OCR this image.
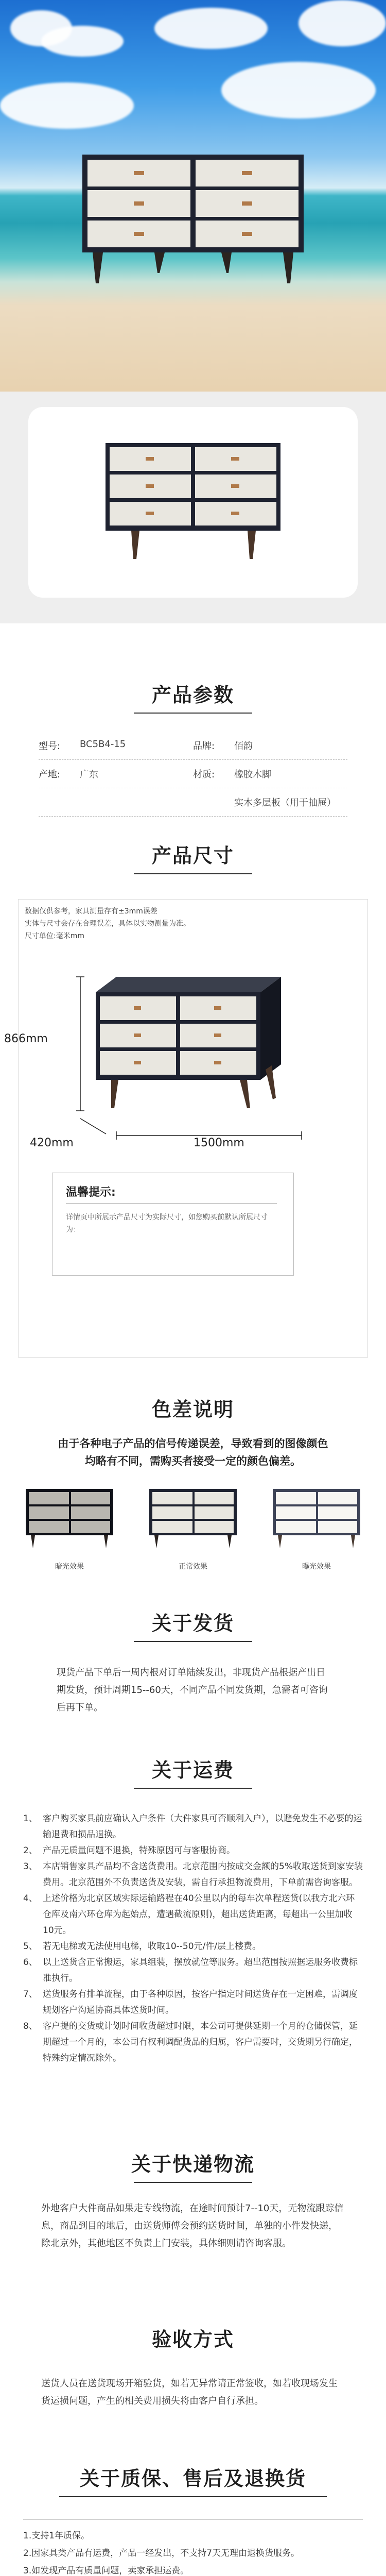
产品参数
型号:	BC5B4-15	品牌:	佰韵
产地:	广东	材质:	橡胶木脚
实木多层板（用于抽屉）
产品尺寸
数据仅供参考，家具测量存有±3mm误差
实体与尺寸会存在合理误差，具体以实物测量为准。
尺寸单位:毫米mm
866mm
420mm	1500mm
温馨提示:
详情页中所展示产品尺寸为实际尺寸，如您购买前默认所展尺寸为：
色差说明
由于各种电子产品的信号传递误差，导致看到的图像颜色均略有不同，需购买者接受一定的颜色偏差。
暗光效果	正常效果	曝光效果
关于发货
现货产品下单后一周内根对订单陆续发出，非现货产品根据产出日期发货，预计周期15--60天，不同产品不同发货期，急需者可咨询后再下单。
关于运费
1、 客户购买家具前应确认入户条件（大件家具可否顺利入户），以避免发生不必要的运输退费和损品退换。
2、 产品无质量问题不退换，特殊原因可与客服协商。
3、 本店销售家具产品均不含送货费用。北京范围内按成交金额的5%收取送货到家安装费用。北京范围外不负责送货及安装，需自行承担物流费用，下单前需咨询客服。
4、 上述价格为北京区域实际运输路程在40公里以内的每车次单程送货(以我方北六环仓库及南六环仓库为起始点，遭遇截流原则)，超出送货距离，每超出一公里加收10元。
5、 若无电梯或无法使用电梯，收取10--50元/件/层上楼费。
6、 以上送货含正常搬运，家具组装，摆放就位等服务。超出范围按照据运服务收费标准执行。
7、 送货服务有排单流程，由于各种原因，按客户指定时间送货存在一定困难，需调度规划客户沟通协商具体送货时间。
8、 客户提的交货或计划时间收货超过时限，本公司可提供延期一个月的仓储保管，延期超过一个月的，本公司有权利调配货品的归属，客户需要时，交货期另行确定，特殊约定情况除外。
关于快递物流
外地客户大件商品如果走专线物流，在途时间预计7--10天，无物流跟踪信息，商品到目的地后，由送货师傅会预约送货时间，单独的小件发快递，除北京外，其他地区不负责上门安装，具体细则请咨询客服。
验收方式
送货人员在送货现场开箱验货，如若无异常请正常签收，如若收现场发生货运损问题，产生的相关费用损失将由客户自行承担。
关于质保、售后及退换货
1.支持1年质保。
2.因家具类产品有运费，产品一经发出，不支持7天无理由退换货服务。
3.如发现产品有质量问题，卖家承担运费。
